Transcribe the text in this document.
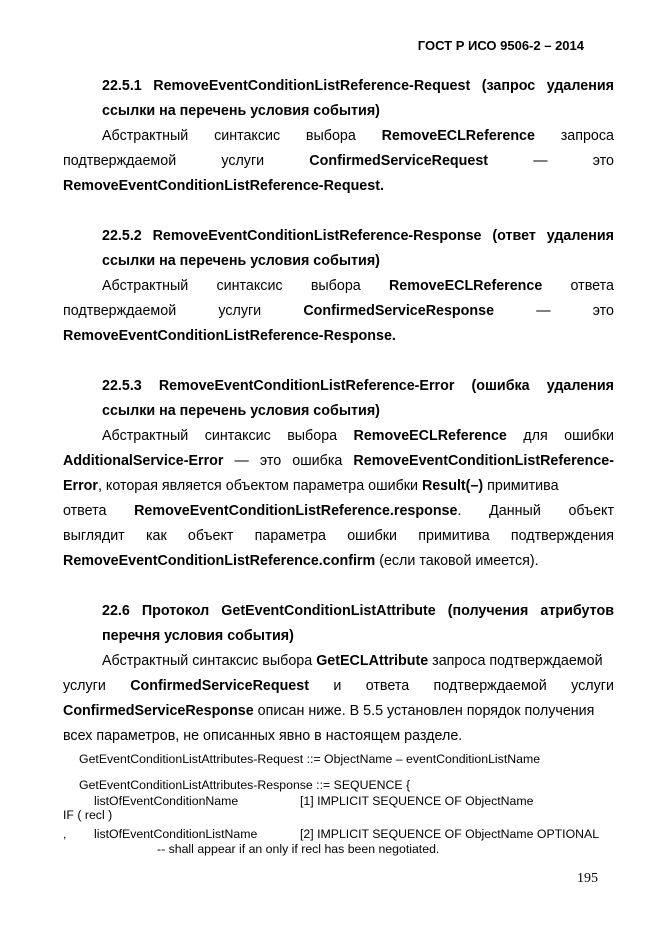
ГОСТ Р ИСО 9506-2 – 2014
22.5.1 RemoveEventConditionListReference-Request (запрос удаления
ссылки на перечень условия события)
Абстрактный синтаксис выбора RemoveECLReference запроса
подтверждаемой	услуги	ConfirmedServiceRequest	—	это
RemoveEventConditionListReference-Request.
22.5.2 RemoveEventConditionListReference-Response (ответ удаления
ссылки на перечень условия события)
Абстрактный синтаксис выбора RemoveECLReference ответа
подтверждаемой	услуги	ConfirmedServiceResponse	—	это
RemoveEventConditionListReference-Response.
22.5.3 RemoveEventConditionListReference-Error (ошибка удаления
ссылки на перечень условия события)
Абстрактный синтаксис выбора RemoveECLReference для ошибки
AdditionalService-Error — это ошибка RemoveEventConditionListReference-
Error, которая является объектом параметра ошибки Result(–) примитива
ответа RemoveEventConditionListReference.response. Данный объект
выглядит как объект параметра ошибки примитива подтверждения
RemoveEventConditionListReference.confirm (если таковой имеется).
22.6 Протокол GetEventConditionListAttribute (получения атрибутов
перечня условия события)
Абстрактный синтаксис выбора GetECLAttribute запроса подтверждаемой
услуги ConfirmedServiceRequest и ответа подтверждаемой услуги
ConfirmedServiceResponse описан ниже. В 5.5 установлен порядок получения
всех параметров, не описанных явно в настоящем разделе.
GetEventConditionListAttributes-Request ::= ObjectName – eventConditionListName
GetEventConditionListAttributes-Response ::= SEQUENCE {
listOfEventConditionName	[1] IMPLICIT SEQUENCE OF ObjectName
IF ( recl )
, listOfEventConditionListName	[2] IMPLICIT SEQUENCE OF ObjectName OPTIONAL
-- shall appear if an only if recl has been negotiated.
195
